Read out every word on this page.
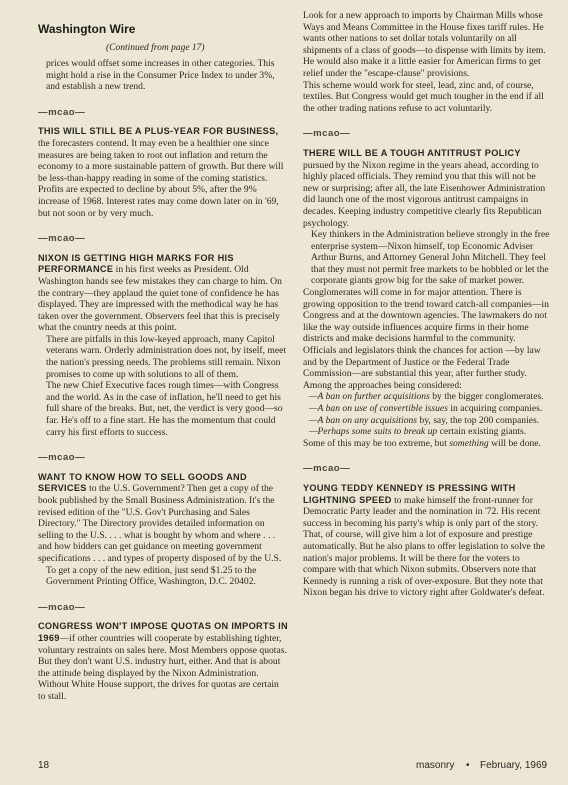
Washington Wire
(Continued from page 17)

prices would offset some increases in other categories. This might hold a rise in the Consumer Price Index to under 3%, and establish a new trend.

—mcao—

THIS WILL STILL BE A PLUS-YEAR FOR BUSINESS, the forecasters contend. It may even be a healthier one since measures are being taken to root out inflation and return the economy to a more sustainable pattern of growth. But there will be less-than-happy reading in some of the coming statistics. Profits are expected to decline by about 5%, after the 9% increase of 1968. Interest rates may come down later on in '69, but not soon or by very much.

—mcao—

NIXON IS GETTING HIGH MARKS FOR HIS PERFORMANCE in his first weeks as President. Old Washington hands see few mistakes they can charge to him. On the contrary—they applaud the quiet tone of confidence he has displayed. They are impressed with the methodical way he has taken over the government. Observers feel that this is precisely what the country needs at this point.

There are pitfalls in this low-keyed approach, many Capitol veterans warn. Orderly administration does not, by itself, meet the nation's pressing needs. The problems still remain. Nixon promises to come up with solutions to all of them.

The new Chief Executive faces rough times—with Congress and the world. As in the case of inflation, he'll need to get his full share of the breaks. But, net, the verdict is very good—so far. He's off to a fine start. He has the momentum that could carry his first efforts to success.

—mcao—

WANT TO KNOW HOW TO SELL GOODS AND SERVICES to the U.S. Government? Then get a copy of the book published by the Small Business Administration. It's the revised edition of the "U.S. Gov't Purchasing and Sales Directory." The Directory provides detailed information on selling to the U.S. . . . what is bought by whom and where . . . and how bidders can get guidance on meeting government specifications . . . and types of property disposed of by the U.S.

To get a copy of the new edition, just send $1.25 to the Government Printing Office, Washington, D.C. 20402.

—mcao—

CONGRESS WON'T IMPOSE QUOTAS ON IMPORTS IN 1969—if other countries will cooperate by establishing tighter, voluntary restraints on sales here. Most Members oppose quotas. But they don't want U.S. industry hurt, either. And that is about the attitude being displayed by the Nixon Administration. Without White House support, the drives for quotas are certain to stall.

Look for a new approach to imports by Chairman Mills whose Ways and Means Committee in the House fixes tariff rules. He wants other nations to set dollar totals voluntarily on all shipments of a class of goods—to dispense with limits by item. He would also make it a little easier for American firms to get relief under the "escape-clause" provisions.

This scheme would work for steel, lead, zinc and, of course, textiles. But Congress would get much tougher in the end if all the other trading nations refuse to act voluntarily.

—mcao—

THERE WILL BE A TOUGH ANTITRUST POLICY pursued by the Nixon regime in the years ahead, according to highly placed officials. They remind you that this will not be new or surprising; after all, the late Eisenhower Administration did launch one of the most vigorous antitrust campaigns in decades. Keeping industry competitive clearly fits Republican psychology.

Key thinkers in the Administration believe strongly in the free enterprise system—Nixon himself, top Economic Adviser Arthur Burns, and Attorney General John Mitchell. They feel that they must not permit free markets to be hobbled or let the corporate giants grow big for the sake of market power.

Conglomerates will come in for major attention. There is growing opposition to the trend toward catch-all companies—in Congress and at the downtown agencies. The lawmakers do not like the way outside influences acquire firms in their home districts and make decisions harmful to the community.

Officials and legislators think the chances for action —by law and by the Department of Justice or the Federal Trade Commission—are substantial this year, after further study.

Among the approaches being considered:

—A ban on further acquisitions by the bigger conglomerates.

—A ban on use of convertible issues in acquiring companies.

—A ban on any acquisitions by, say, the top 200 companies.

—Perhaps some suits to break up certain existing giants.

Some of this may be too extreme, but something will be done.

—mcao—

YOUNG TEDDY KENNEDY IS PRESSING WITH LIGHTNING SPEED to make himself the front-runner for Democratic Party leader and the nomination in '72. His recent success in becoming his party's whip is only part of the story. That, of course, will give him a lot of exposure and prestige automatically. But he also plans to offer legislation to solve the nation's major problems. It will be there for the voters to compare with that which Nixon submits. Observers note that Kennedy is running a risk of over-exposure. But they note that Nixon began his drive to victory right after Goldwater's defeat.

18	masonry • February, 1969
